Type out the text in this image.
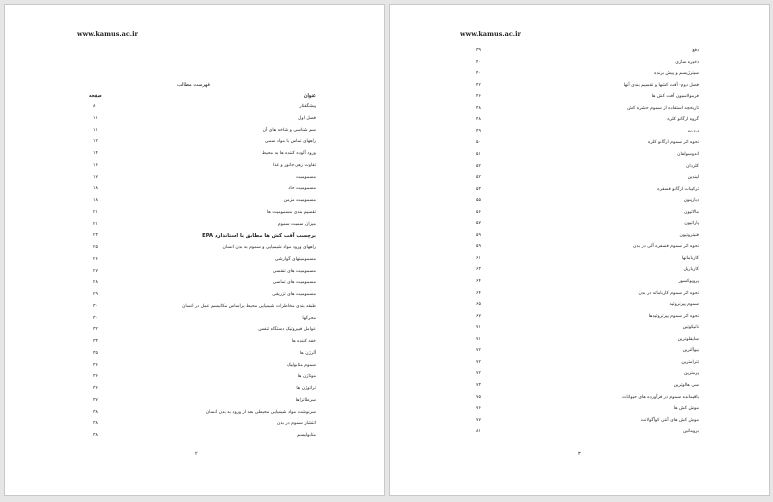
www.kamus.ac.ir
فهرست مطالب
صفحه	عنوان
۸	پیشگفتار
۱۱	فصل اول
۱۱	سم شناسی و شاخه های آن
۱۲	راههای تماس با مواد سمی
۱۴	ورود آلوده کننده ها به محیط
۱۶	تفاوت زهر،جانور و غذا
۱۷	مسمومیت
۱۸	مسمومیت حاد
۱۸	مسمومیت مزمن
۲۱	تقسیم بندی مسمومیت ها
۲۱	میزان سمیت سموم
۲۳	برچسب آفت کش ها مطابق با استاندارد EPA
۲۵	راههای ورود مواد شیمیایی و سموم به بدن انسان
۲۶	مسمومیتهای گوارشی
۲۷	مسمومیت های تنفسی
۲۸	مسمومیت های تماسی
۲۹	مسمومیت های تزریقی
۳۰	طبقه بندی مخاطرات شیمیایی محیط براساس مکانیسم عمل در انسان
۳۰	محرکها
۳۲	عوامل فیبروتیک دستگاه تنفس
۳۳	خفه کننده ها
۳۵	آلرژن ها
۳۶	سموم متابولیک
۳۶	موتاژن ها
۳۶	تراتوژن ها
۳۷	سرطانزاها
۳۸	سرنوشت مواد شیمیایی محیطی بعد از ورود به بدن انسان
۳۸	انتشار سموم در بدن
۳۸	متابولیسم
۲
www.kamus.ac.ir
۳۹	دفع
۴۰	ذخیره سازی
۴۰	سینرژیسم و پیش برنده
۴۲	فصل دوم- آفت کشها و تقسیم بندی آنها
۴۶	فرمولاسیون آفت کش ها
۴۸	تاریخچه استفاده از سموم حشره کش
۴۸	گروه ارگانو کلره
۴۹	د.د.ت
۵۰	نحوه اثر سموم ارگانو کلره
۵۱	اندوسولفان
۵۲	کلردان
۵۲	لیندین
۵۳	ترکیبات ارگانو فسفره
۵۵	دیازینون
۵۶	مالاتیون
۵۷	پاراتیون
۵۹	فنیتروتیون
۵۹	نحوه اثر سموم فسفره آلی در بدن
۶۱	کارباماتها
۶۳	کارباریل
۶۴	پروپوکسور
۶۴	نحوه اثر سموم کارباماته در بدن
۶۵	سموم پیرتروئید
۶۷	نحوه اثر سموم پیرتروئیدها
۷۱	نانیکوتین
۷۱	سایفلوترین
۷۲	بیوآلترین
۷۲	تترامترین
۷۲	پرمترین
۷۳	سی هالوترین
۷۵	باقیمانده سموم در فرآورده های حیوانات
۷۶	موش کش ها
۷۷	موش کش های آنتی کوآگولانت
۸۱	بروماتین
۳
